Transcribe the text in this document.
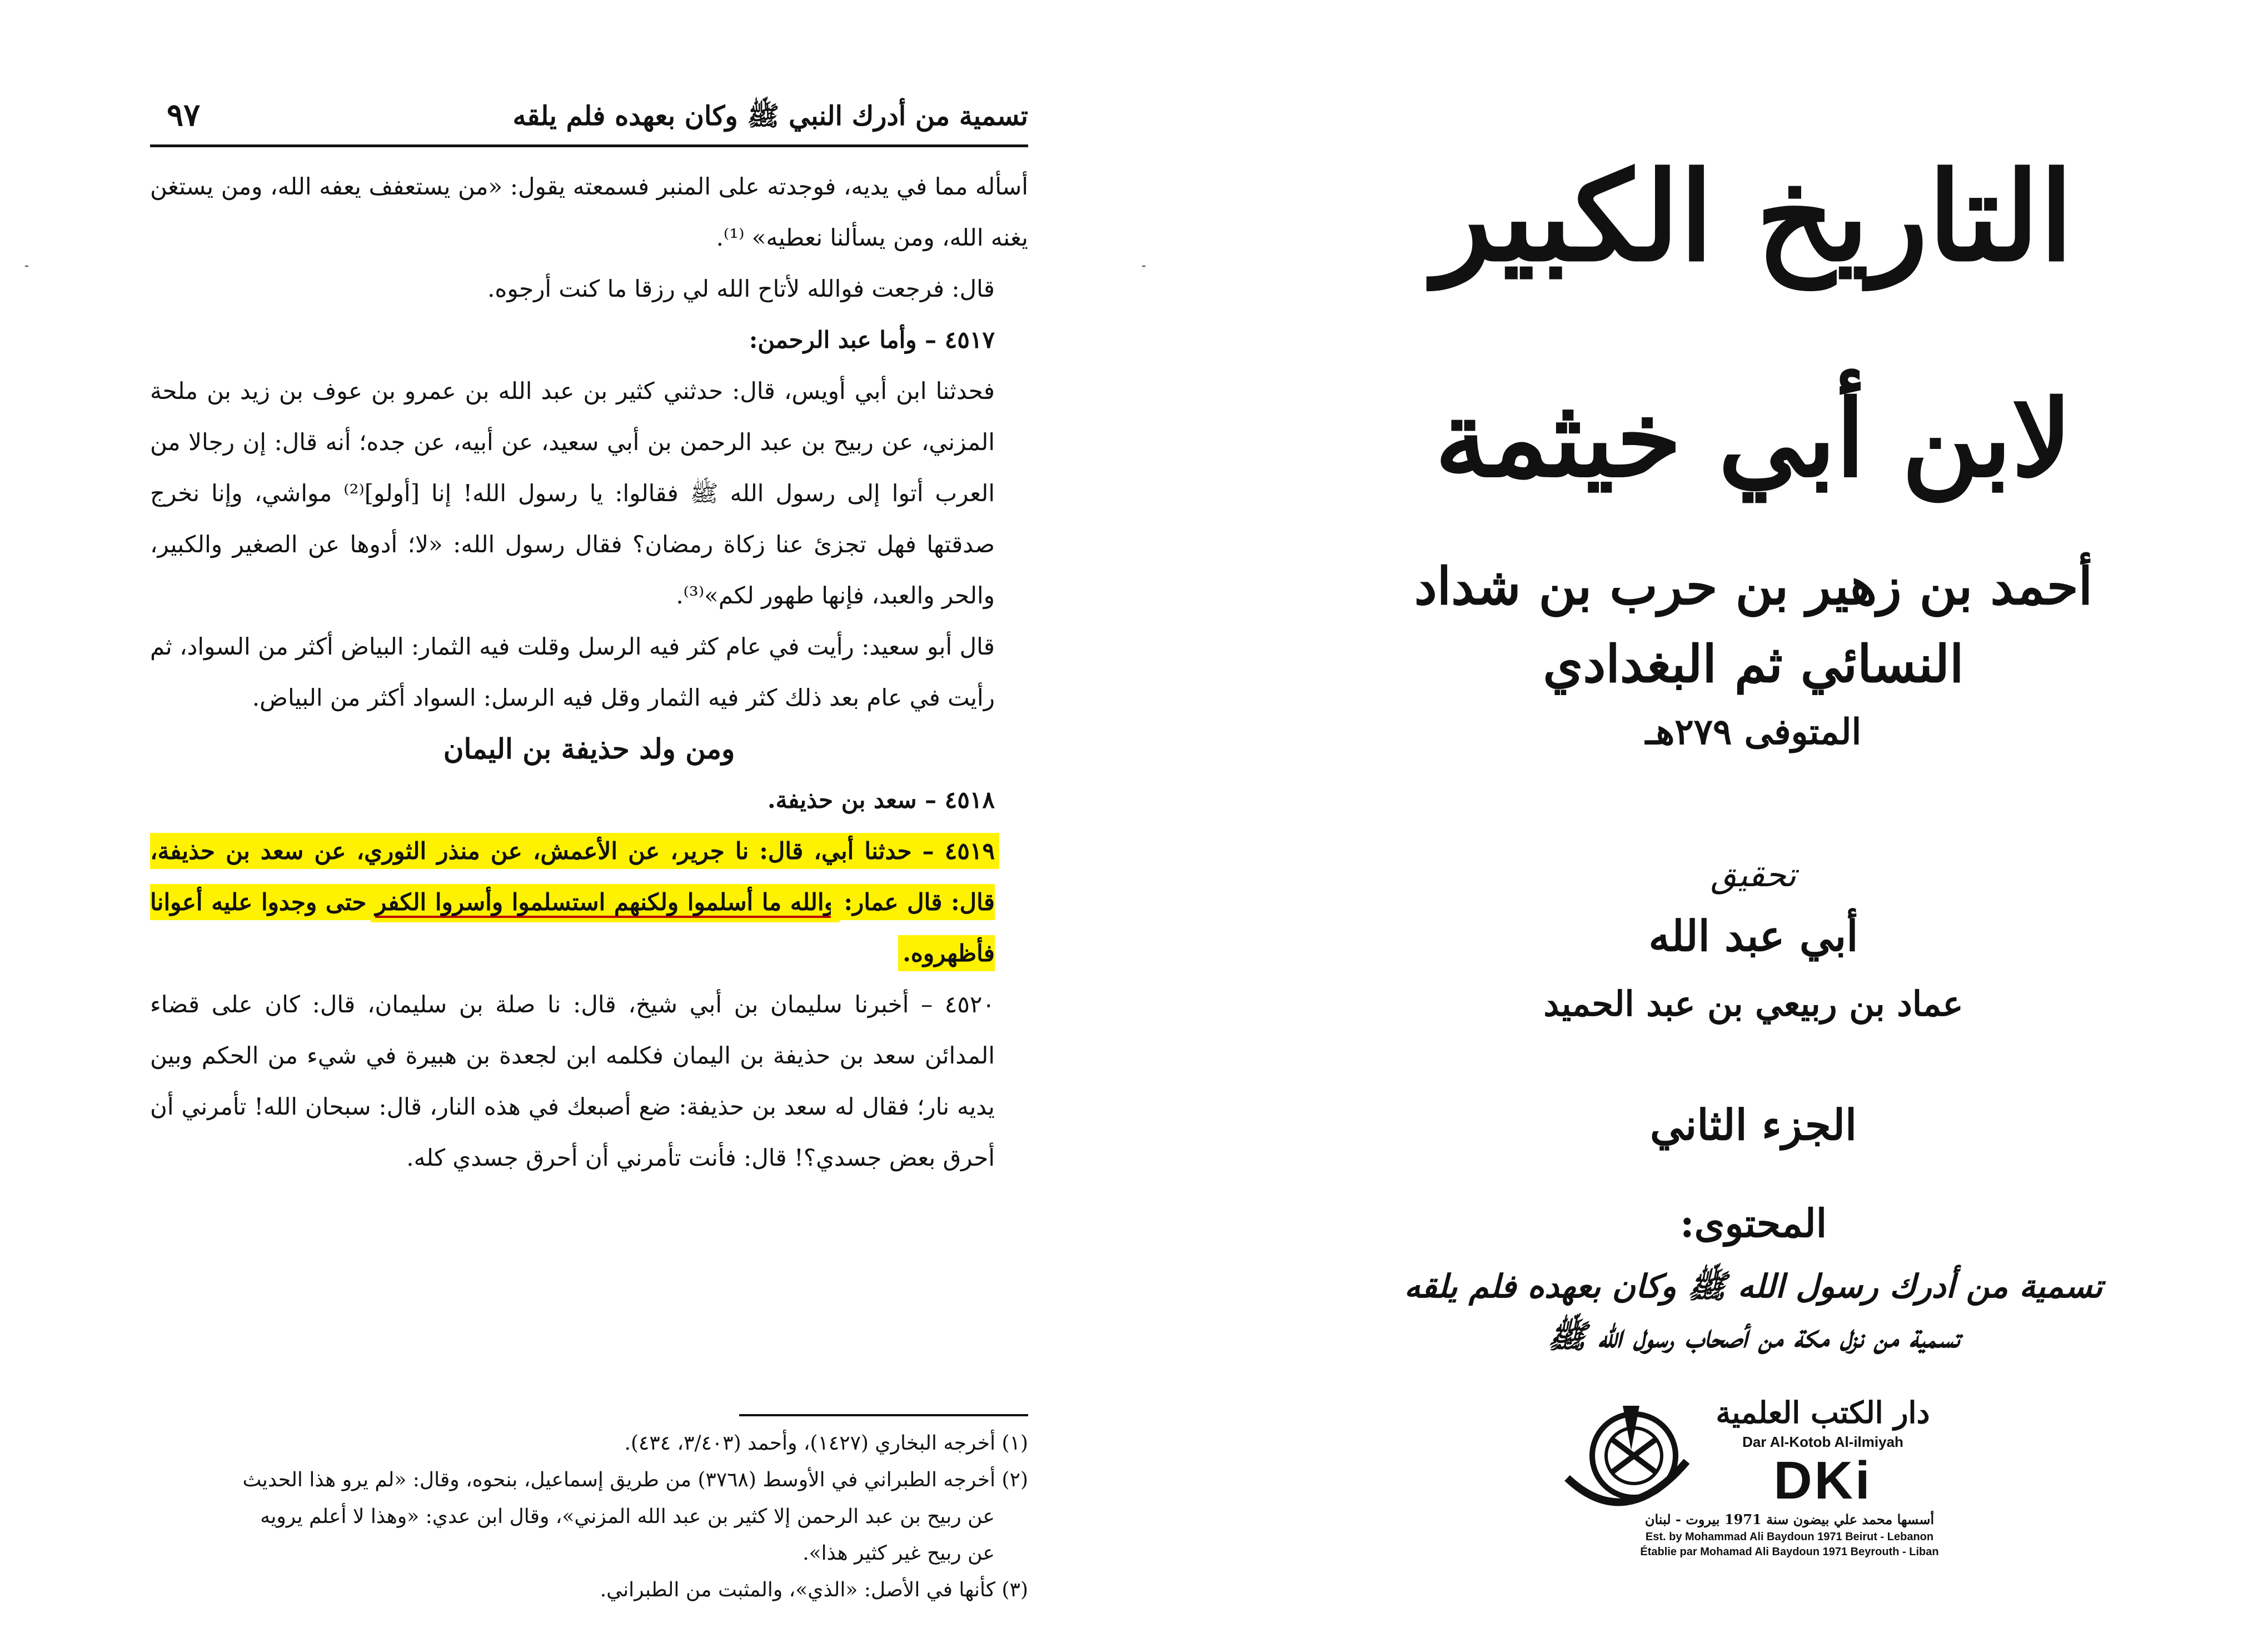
تسمية من أدرك النبي ﷺ وكان بعهده فلم يلقه
٩٧

أسأله مما في يديه، فوجدته على المنبر فسمعته يقول: «من يستعفف يعفه الله، ومن يستغن يغنه الله، ومن يسألنا نعطيه» ⁽¹⁾.

قال: فرجعت فوالله لأتاح الله لي رزقا ما كنت أرجوه.

٤٥١٧ – وأما عبد الرحمن:

فحدثنا ابن أبي أويس، قال: حدثني كثير بن عبد الله بن عمرو بن عوف بن زيد بن ملحة المزني، عن ربيح بن عبد الرحمن بن أبي سعيد، عن أبيه، عن جده؛ أنه قال: إن رجالا من العرب أتوا إلى رسول الله ﷺ فقالوا: يا رسول الله! إنا [أولو]⁽²⁾ مواشي، وإنا نخرج صدقتها فهل تجزئ عنا زكاة رمضان؟ فقال رسول الله: «لا؛ أدوها عن الصغير والكبير، والحر والعبد، فإنها طهور لكم»⁽³⁾.

قال أبو سعيد: رأيت في عام كثر فيه الرسل وقلت فيه الثمار: البياض أكثر من السواد، ثم رأيت في عام بعد ذلك كثر فيه الثمار وقل فيه الرسل: السواد أكثر من البياض.

ومن ولد حذيفة بن اليمان

٤٥١٨ – سعد بن حذيفة.

٤٥١٩ – حدثنا أبي، قال: نا جرير، عن الأعمش، عن منذر الثوري، عن سعد بن حذيفة، قال: قال عمار: والله ما أسلموا ولكنهم استسلموا وأسروا الكفر حتى وجدوا عليه أعوانا فأظهروه.

٤٥٢٠ – أخبرنا سليمان بن أبي شيخ، قال: نا صلة بن سليمان، قال: كان على قضاء المدائن سعد بن حذيفة بن اليمان فكلمه ابن لجعدة بن هبيرة في شيء من الحكم وبين يديه نار؛ فقال له سعد بن حذيفة: ضع أصبعك في هذه النار، قال: سبحان الله! تأمرني أن أحرق بعض جسدي؟! قال: فأنت تأمرني أن أحرق جسدي كله.

(١) أخرجه البخاري (١٤٢٧)، وأحمد (٣/٤٠٣، ٤٣٤).

(٢) أخرجه الطبراني في الأوسط (٣٧٦٨) من طريق إسماعيل، بنحوه، وقال: «لم يرو هذا الحديث

عن ربيح بن عبد الرحمن إلا كثير بن عبد الله المزني»، وقال ابن عدي: «وهذا لا أعلم يرويه

عن ربيح غير كثير هذا».

(٣) كأنها في الأصل: «الذي»، والمثبت من الطبراني.

التاريخ الكبير
لابن أبي خيثمة
أحمد بن زهير بن حرب بن شداد
النسائي ثم البغدادي
المتوفى ٢٧٩هـ
تحقيق
أبي عبد الله
عماد بن ربيعي بن عبد الحميد
الجزء الثاني
المحتوى:
تسمية من أدرك رسول الله ﷺ وكان بعهده فلم يلقه
تسمية من نزل مكة من أصحاب رسول الله ﷺ
دار الكتب العلمية
Dar Al-Kotob Al-ilmiyah
DKi
أسسها محمد علي بيضون سنة 1971 بيروت - لبنان
Est. by Mohammad Ali Baydoun 1971 Beirut - Lebanon
Établie par Mohamad Ali Baydoun 1971 Beyrouth - Liban
